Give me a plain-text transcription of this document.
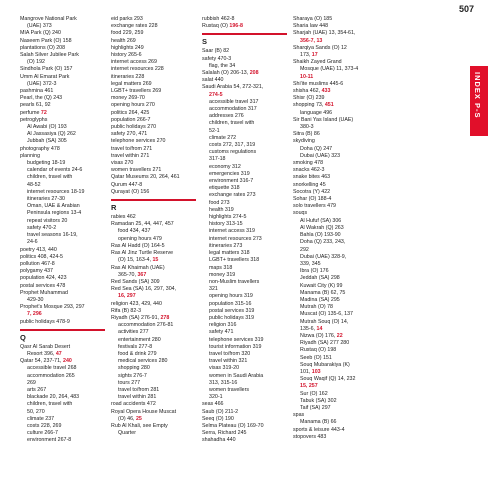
507
INDEX P-S
Mangrove National Park
(UAE) 373
MIA Park (Q) 240
Naseem Park (O) 158
plantations (O) 208
Salah Silver Jubilee Park
(O) 192
Sindhola Park (O) 157
Umm Al Emarat Park
(UAE) 372-3
pashmina 461
Pearl, the (Q) 243
pearls 61, 92
perfume 72
petroglyphs
Al Awabi (O) 193
Al Jassasiya (Q) 262
Jubbah (SA) 305
photography 478
planning
budgeting 18-19
calendar of events 24-6
children, travel with
48-52
internet resources 18-19
itineraries 27-30
Oman, UAE & Arabian
Peninsula regions 13-4
repeat visitors 20
safety 470-2
travel seasons 16-19,
24-6
poetry 413, 440
politics 408, 424-5
pollution 467-8
polygamy 437
population 424, 423
postal services 478
Prophet Muhammad
429-30
Prophet's Mosque 293, 297
7, 296
public holidays 478-9
Q
Qasr Al Sarab Desert
Resort 396, 47
Qatar 54, 237-71, 240
accessible travel 268
accommodation 265
269
arts 267
blackade 20, 264, 483
children, travel with
50, 270
climate 237
costs 228, 269
culture 266-7
environment 267-8
eid parks 293
exchange rates 228
food 229, 259
health 269
highlights 249
history 265-6
internet access 269
internet resources 228
itineraries 228
legal matters 269
LGBT+ travellers 269
money 269-70
opening hours 270
politics 264, 425
population 266-7
public holidays 270
safety 270, 471
telephone services 270
travel to/from 271
travel within 271
visas 270
women travellers 271
Qatar Museums 20, 264, 461
Qurum 447-8
Qurayat (O) 156
R
rabies 462
Ramadan 25, 44, 447, 457
food 434, 437
opening hours 479
Ras Al Hadd (O) 164-5
Ras Al Jinz Turtle Reserve
(O) 15, 163-4, 15
Ras Al Khaimah (UAE)
365-70, 367
Red Sands (SA) 309
Red Sea (SA) 16, 297, 304,
16, 297
religion 423, 429, 440
Rifa (B) 82-3
Riyadh (SA) 276-91, 278
accommodation 276-81
activities 277
entertainment 280
festivals 277-8
food & drink 279
medical services 280
shopping 280
sights 276-7
tours 277
travel to/from 281
travel within 281
road accidents 472
Royal Opera House Muscat
(O) 46, 25
Rub Al Khali, see Empty
Quarter
rubbish 462-8
Rustaq (O) 196-8
S
Saar (B) 82
safety 470-3
flag, the 34
Salalah (O) 206-13, 208
salat 440
Saudi Arabia 54, 272-321,
274-5
accessible travel 317
accommodation 317
addresses 276
children, travel with
52-1
climate 272
costs 272, 317, 319
customs regulations
317-18
economy 312
emergencies 319
environment 316-7
etiquette 318
exchange rates 273
food 273
health 319
highlights 274-5
history 313-15
internet access 319
internet resources 273
itineraries 273
legal matters 318
LGBT+ travellers 318
maps 318
money 319
non-Muslim travellers
321
opening hours 319
population 315-16
postal services 319
public holidays 319
religion 316
safety 471
telephone services 319
tourist information 319
travel to/from 320
travel within 321
visas 319-20
women in Saudi Arabia
313, 315-16
women travellers
320-1
seas 466
Saub (O) 211-2
Seeq (O) 190
Selma Plateau (O) 169-70
Serra, Richard 245
shahadha 440
Sharaya (O) 185
Sharia law 448
Sharjah (UAE) 13, 354-61,
356-7, 13
Sharqiya Sands (O) 12
173, 17
Shaikh Zayed Grand
Mosque (UAE) 11, 373-4
10-11
Shi'ite muslims 445-6
shisha 462, 433
Shisr (O) 239
shopping 73, 451
language 496
Sir Bani Yas Island (UAE)
380-3
Sitra (B) 86
skydiving
Doha (Q) 247
Dubai (UAE) 323
smoking 478
snacks 462-3
snake bites 463
snorkelling 45
Socotra (Y) 422
Sohar (O) 188-4
solo travellers 479
souqs
Al Hufuf (SA) 306
Al Wakrah (Q) 263
Bahla (O) 193-90
Doha (Q) 233, 243,
292
Dubai (UAE) 328-9,
339, 345
Ibra (O) 176
Jeddah (SA) 298
Kuwait City (K) 99
Manama (B) 62, 75
Madina (SA) 295
Mutrah (O) 78
Muscat (O) 135-6, 137
Mutrah Souq (O) 14,
135-6, 14
Nizwa (O) 176, 22
Riyadh (SA) 277 280
Rustaq (O) 198
Seeb (O) 151
Souq Mubarakiya (K)
101, 103
Souq Waqif (Q) 14, 232
15, 257
Sur (O) 162
Tabuk (SA) 302
Taif (SA) 297
spas
Manama (B) 66
sports & leisure 443-4
stopovers 483
